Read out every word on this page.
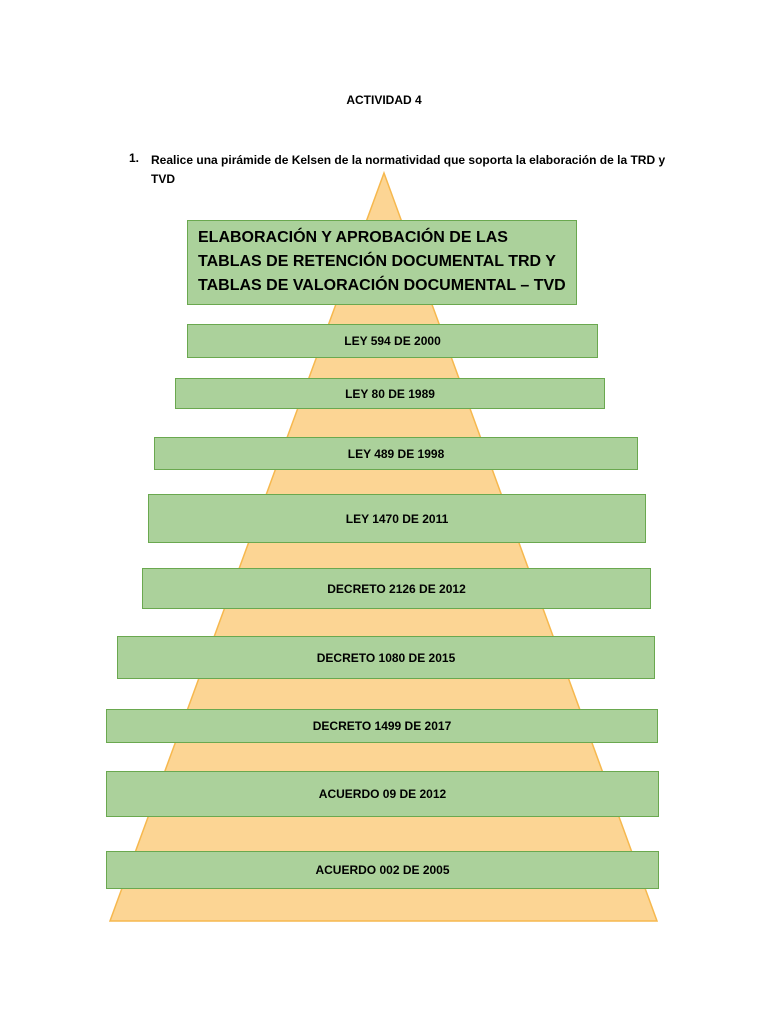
ACTIVIDAD 4
1. Realice una pirámide de Kelsen de la normatividad que soporta la elaboración de la TRD y TVD
ELABORACIÓN Y APROBACIÓN DE LAS TABLAS DE RETENCIÓN DOCUMENTAL TRD Y TABLAS DE VALORACIÓN DOCUMENTAL – TVD
LEY 594 DE 2000
LEY 80 DE 1989
LEY 489 DE 1998
LEY 1470 DE 2011
DECRETO 2126 DE 2012
DECRETO 1080 DE 2015
DECRETO 1499 DE 2017
ACUERDO 09 DE 2012
ACUERDO 002 DE 2005
